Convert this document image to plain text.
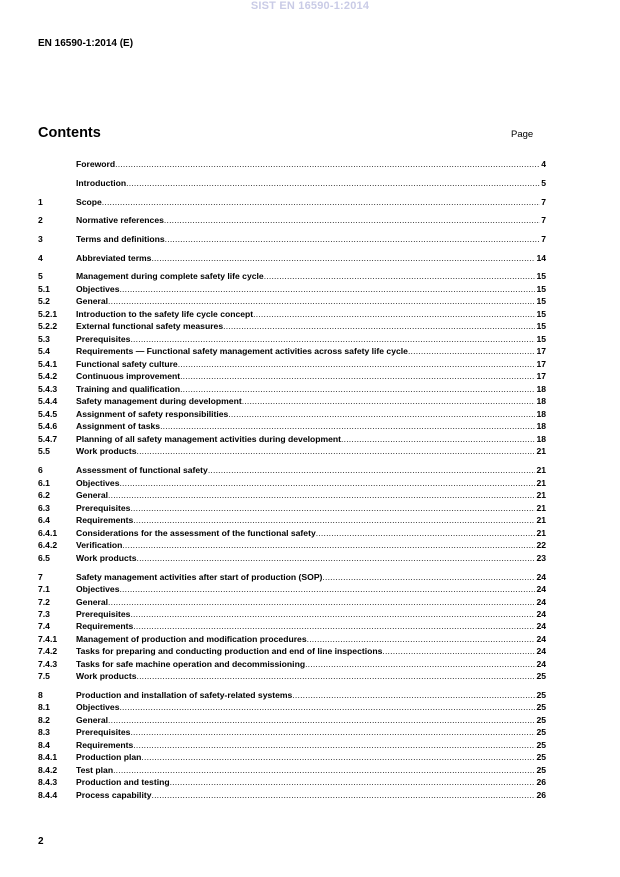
SIST EN 16590-1:2014
EN 16590-1:2014 (E)
Contents	Page
Foreword .....	4
Introduction .....	5
1	Scope .....	7
2	Normative references .....	7
3	Terms and definitions .....	7
4	Abbreviated terms .....	14
5	Management during complete safety life cycle .....	15
5.1	Objectives .....	15
5.2	General .....	15
5.2.1	Introduction to the safety life cycle concept .....	15
5.2.2	External functional safety measures .....	15
5.3	Prerequisites .....	15
5.4	Requirements — Functional safety management activities across safety life cycle .....	17
5.4.1	Functional safety culture .....	17
5.4.2	Continuous improvement .....	17
5.4.3	Training and qualification .....	18
5.4.4	Safety management during development .....	18
5.4.5	Assignment of safety responsibilities .....	18
5.4.6	Assignment of tasks .....	18
5.4.7	Planning of all safety management activities during development .....	18
5.5	Work products .....	21
6	Assessment of functional safety .....	21
6.1	Objectives .....	21
6.2	General .....	21
6.3	Prerequisites .....	21
6.4	Requirements .....	21
6.4.1	Considerations for the assessment of the functional safety .....	21
6.4.2	Verification .....	22
6.5	Work products .....	23
7	Safety management activities after start of production (SOP) .....	24
7.1	Objectives .....	24
7.2	General .....	24
7.3	Prerequisites .....	24
7.4	Requirements .....	24
7.4.1	Management of production and modification procedures .....	24
7.4.2	Tasks for preparing and conducting production and end of line inspections .....	24
7.4.3	Tasks for safe machine operation and decommissioning .....	24
7.5	Work products .....	25
8	Production and installation of safety-related systems .....	25
8.1	Objectives .....	25
8.2	General .....	25
8.3	Prerequisites .....	25
8.4	Requirements .....	25
8.4.1	Production plan .....	25
8.4.2	Test plan .....	25
8.4.3	Production and testing .....	26
8.4.4	Process capability .....	26
2
